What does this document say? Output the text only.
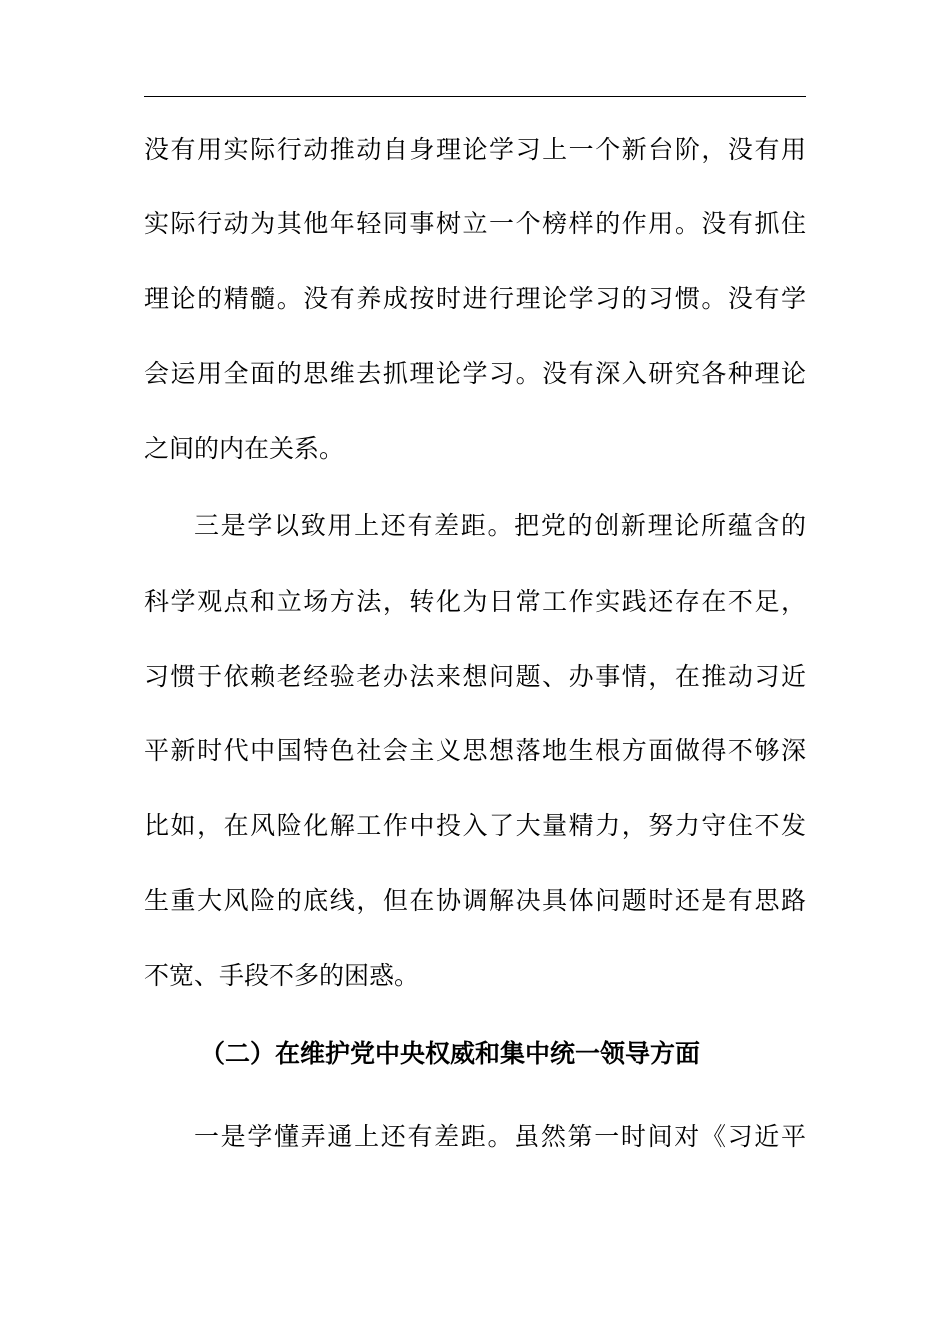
没有用实际行动推动自身理论学习上一个新台阶，没有用
实际行动为其他年轻同事树立一个榜样的作用。没有抓住
理论的精髓。没有养成按时进行理论学习的习惯。没有学
会运用全面的思维去抓理论学习。没有深入研究各种理论
之间的内在关系。
三是学以致用上还有差距。把党的创新理论所蕴含的
科学观点和立场方法，转化为日常工作实践还存在不足，
习惯于依赖老经验老办法来想问题、办事情，在推动习近
平新时代中国特色社会主义思想落地生根方面做得不够深
比如，在风险化解工作中投入了大量精力，努力守住不发
生重大风险的底线，但在协调解决具体问题时还是有思路
不宽、手段不多的困惑。
（二）在维护党中央权威和集中统一领导方面
一是学懂弄通上还有差距。虽然第一时间对《习近平
